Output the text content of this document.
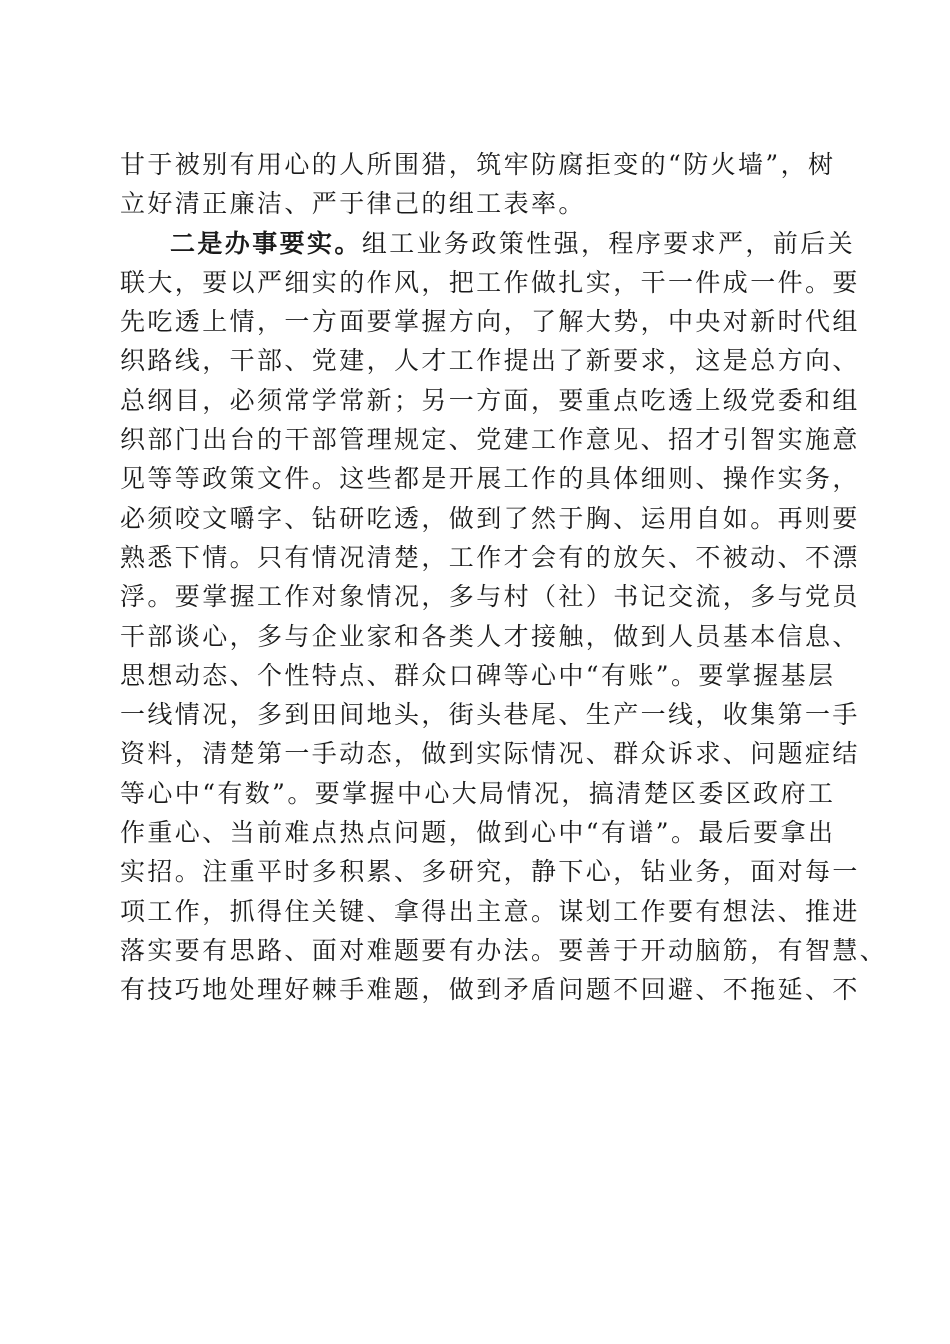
甘于被别有用心的人所围猎，筑牢防腐拒变的“防火墙”，树
立好清正廉洁、严于律己的组工表率。
二是办事要实。组工业务政策性强，程序要求严，前后关
联大，要以严细实的作风，把工作做扎实，干一件成一件。要
先吃透上情，一方面要掌握方向，了解大势，中央对新时代组
织路线，干部、党建，人才工作提出了新要求，这是总方向、
总纲目，必须常学常新；另一方面，要重点吃透上级党委和组
织部门出台的干部管理规定、党建工作意见、招才引智实施意
见等等政策文件。这些都是开展工作的具体细则、操作实务，
必须咬文嚼字、钻研吃透，做到了然于胸、运用自如。再则要
熟悉下情。只有情况清楚，工作才会有的放矢、不被动、不漂
浮。要掌握工作对象情况，多与村（社）书记交流，多与党员
干部谈心，多与企业家和各类人才接触，做到人员基本信息、
思想动态、个性特点、群众口碑等心中“有账”。要掌握基层
一线情况，多到田间地头，街头巷尾、生产一线，收集第一手
资料，清楚第一手动态，做到实际情况、群众诉求、问题症结
等心中“有数”。要掌握中心大局情况，搞清楚区委区政府工
作重心、当前难点热点问题，做到心中“有谱”。最后要拿出
实招。注重平时多积累、多研究，静下心，钻业务，面对每一
项工作，抓得住关键、拿得出主意。谋划工作要有想法、推进
落实要有思路、面对难题要有办法。要善于开动脑筋，有智慧、
有技巧地处理好棘手难题，做到矛盾问题不回避、不拖延、不
